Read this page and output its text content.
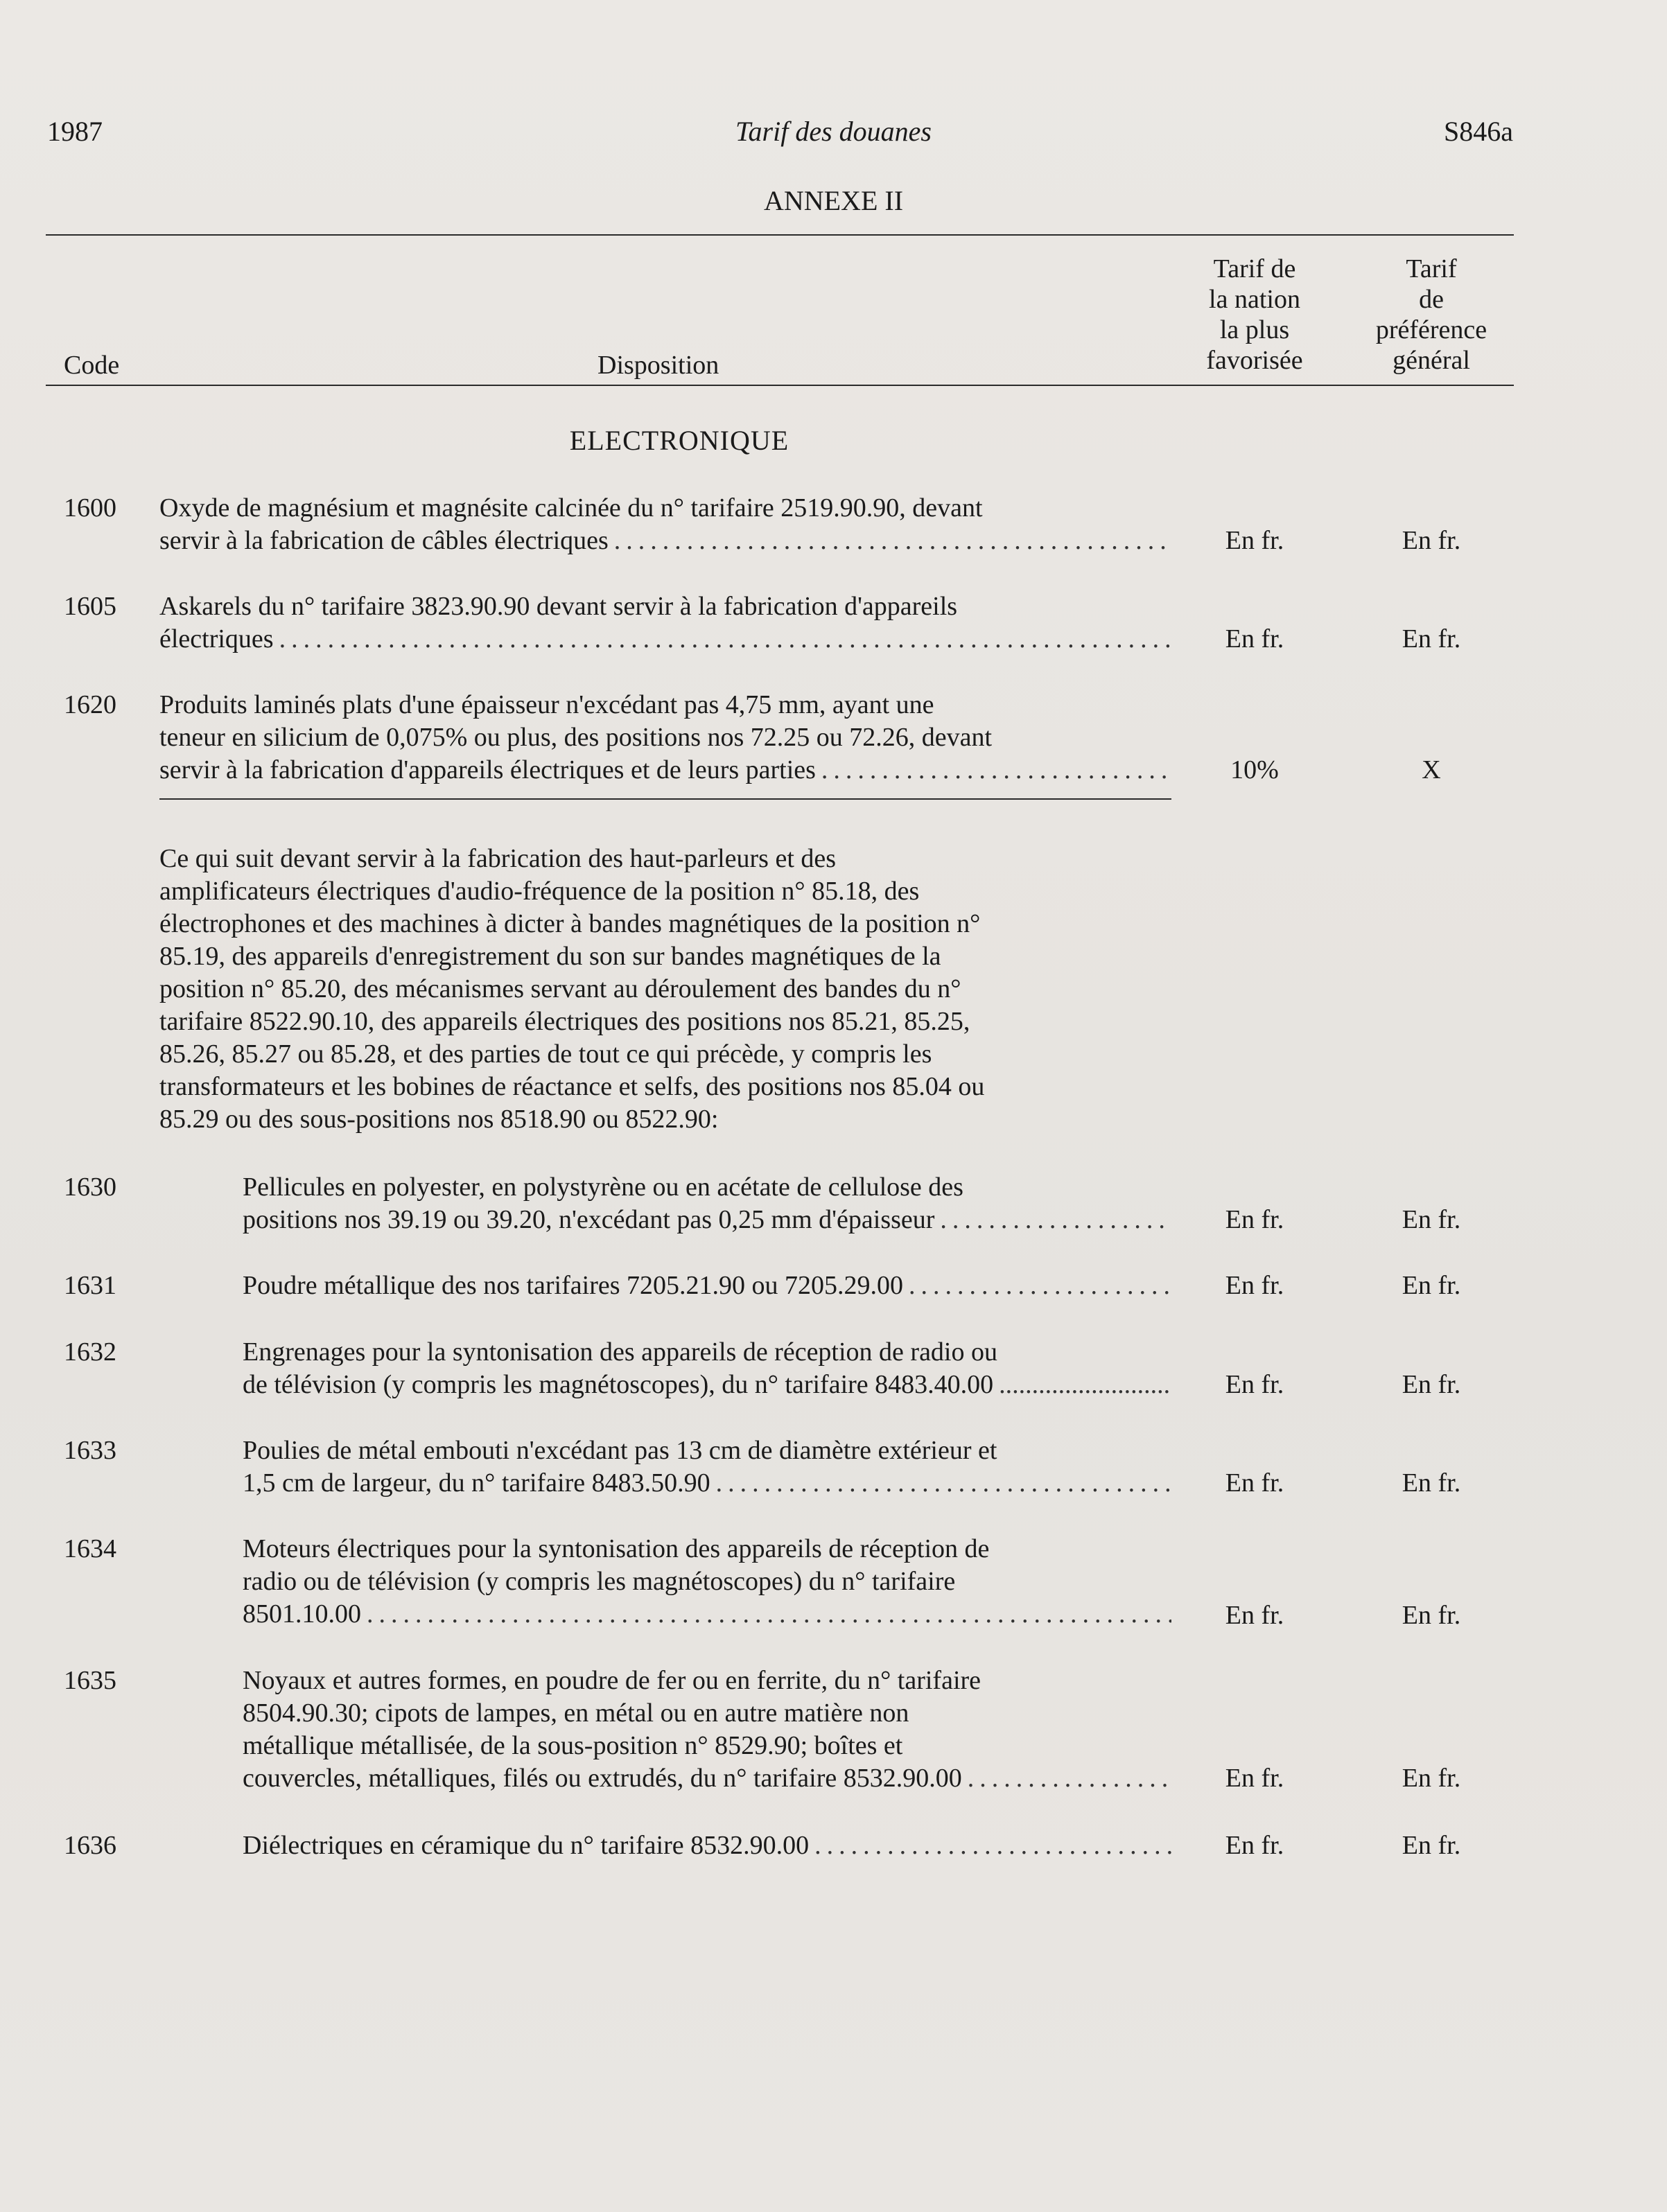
1987	Tarif des douanes	S846a
ANNEXE II
Code	Disposition
Tarif de
la nation
la plus
favorisée
Tarif
de
préférence
général
ELECTRONIQUE
1600 Oxyde de magnésium et magnésite calcinée du n° tarifaire 2519.90.90, devant
servir à la fabrication de câbles électriques .....	En fr.	En fr.
1605 Askarels du n° tarifaire 3823.90.90 devant servir à la fabrication d'appareils
électriques .....	En fr.	En fr.
1620 Produits laminés plats d'une épaisseur n'excédant pas 4,75 mm, ayant une
teneur en silicium de 0,075% ou plus, des positions nos 72.25 ou 72.26, devant
servir à la fabrication d'appareils électriques et de leurs parties .....	10%	X
Ce qui suit devant servir à la fabrication des haut-parleurs et des
amplificateurs électriques d'audio-fréquence de la position n° 85.18, des
électrophones et des machines à dicter à bandes magnétiques de la position n°
85.19, des appareils d'enregistrement du son sur bandes magnétiques de la
position n° 85.20, des mécanismes servant au déroulement des bandes du n°
tarifaire 8522.90.10, des appareils électriques des positions nos 85.21, 85.25,
85.26, 85.27 ou 85.28, et des parties de tout ce qui précède, y compris les
transformateurs et les bobines de réactance et selfs, des positions nos 85.04 ou
85.29 ou des sous-positions nos 8518.90 ou 8522.90:
1630	Pellicules en polyester, en polystyrène ou en acétate de cellulose des
positions nos 39.19 ou 39.20, n'excédant pas 0,25 mm d'épaisseur .....	En fr.	En fr.
1631	Poudre métallique des nos tarifaires 7205.21.90 ou 7205.29.00 .....	En fr.	En fr.
1632	Engrenages pour la syntonisation des appareils de réception de radio ou
de télévision (y compris les magnétoscopes), du n° tarifaire 8483.40.00 .....	En fr.	En fr.
1633	Poulies de métal embouti n'excédant pas 13 cm de diamètre extérieur et
1,5 cm de largeur, du n° tarifaire 8483.50.90 .....	En fr.	En fr.
1634	Moteurs électriques pour la syntonisation des appareils de réception de
radio ou de télévision (y compris les magnétoscopes) du n° tarifaire
8501.10.00 .....	En fr.	En fr.
1635	Noyaux et autres formes, en poudre de fer ou en ferrite, du n° tarifaire
8504.90.30; cipots de lampes, en métal ou en autre matière non
métallique métallisée, de la sous-position n° 8529.90; boîtes et
couvercles, métalliques, filés ou extrudés, du n° tarifaire 8532.90.00 .....	En fr.	En fr.
1636	Diélectriques en céramique du n° tarifaire 8532.90.00 .....	En fr.	En fr.
